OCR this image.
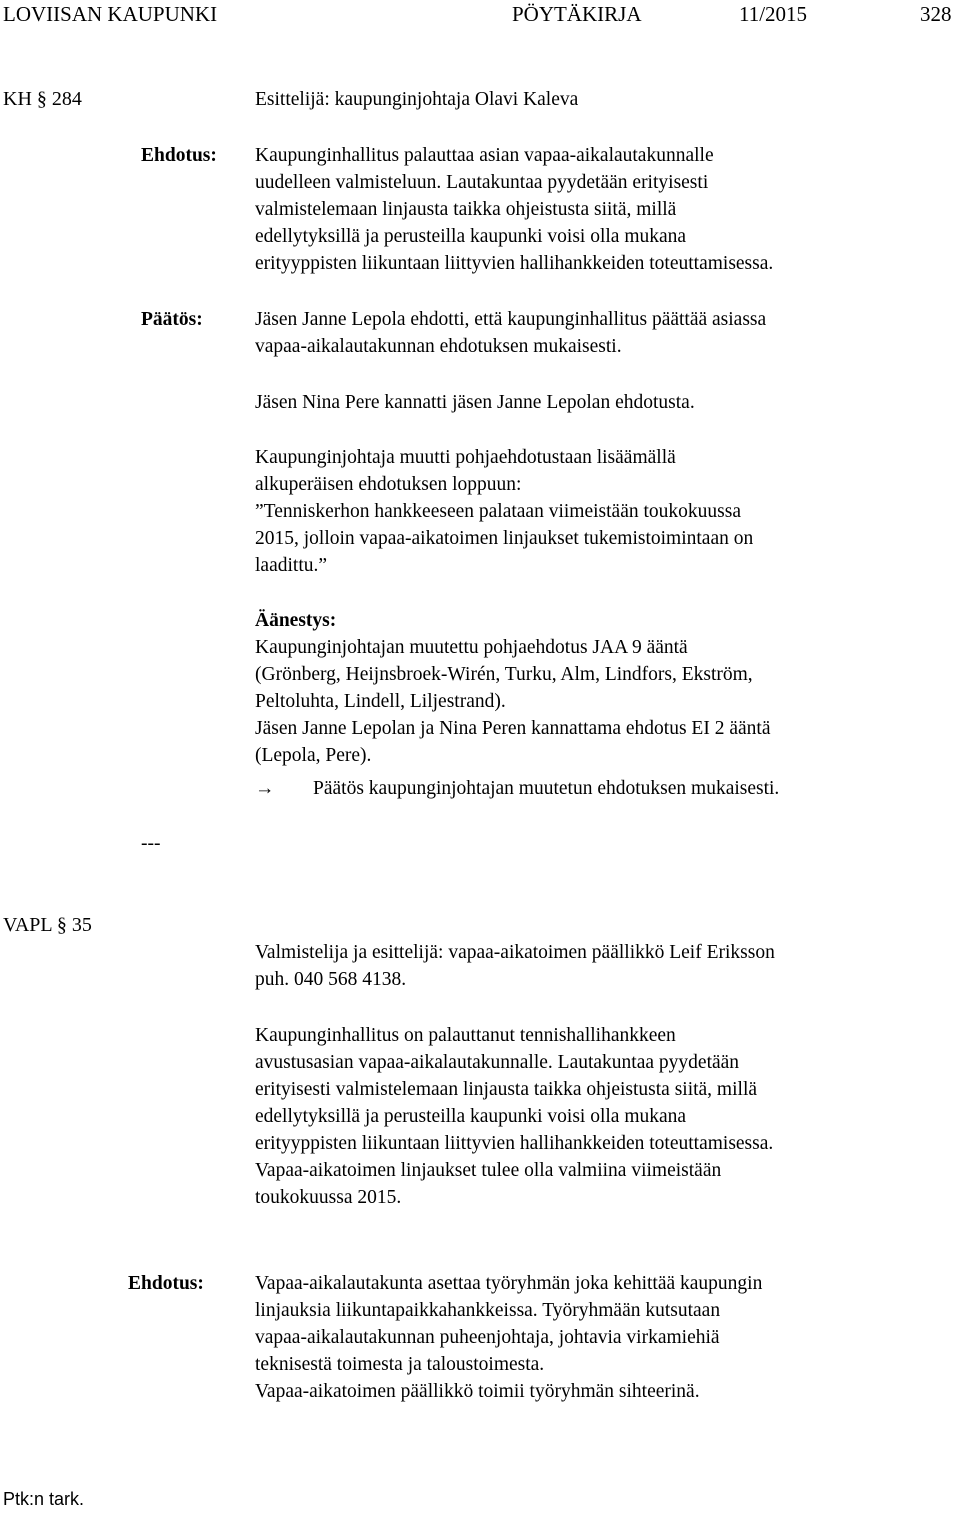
LOVIISAN KAUPUNKI	PÖYTÄKIRJA	11/2015	328
KH § 284	Esittelijä: kaupunginjohtaja Olavi Kaleva
Ehdotus: Kaupunginhallitus palauttaa asian vapaa-aikalautakunnalle
uudelleen valmisteluun. Lautakuntaa pyydetään erityisesti
valmistelemaan linjausta taikka ohjeistusta siitä, millä
edellytyksillä ja perusteilla kaupunki voisi olla mukana
erityyppisten liikuntaan liittyvien hallihankkeiden toteuttamisessa.
Päätös:	Jäsen Janne Lepola ehdotti, että kaupunginhallitus päättää asiassa
vapaa-aikalautakunnan ehdotuksen mukaisesti.
Jäsen Nina Pere kannatti jäsen Janne Lepolan ehdotusta.
Kaupunginjohtaja muutti pohjaehdotustaan lisäämällä
alkuperäisen ehdotuksen loppuun:
”Tenniskerhon hankkeeseen palataan viimeistään toukokuussa
2015, jolloin vapaa-aikatoimen linjaukset tukemistoimintaan on
laadittu.”
Äänestys:
Kaupunginjohtajan muutettu pohjaehdotus JAA 9 ääntä
(Grönberg, Heijnsbroek-Wirén, Turku, Alm, Lindfors, Ekström,
Peltoluhta, Lindell, Liljestrand).
Jäsen Janne Lepolan ja Nina Peren kannattama ehdotus EI 2 ääntä
(Lepola, Pere).
→ Päätös kaupunginjohtajan muutetun ehdotuksen mukaisesti.
---
VAPL § 35
Valmistelija ja esittelijä: vapaa-aikatoimen päällikkö Leif Eriksson
puh. 040 568 4138.
Kaupunginhallitus on palauttanut tennishallihankkeen
avustusasian vapaa-aikalautakunnalle. Lautakuntaa pyydetään
erityisesti valmistelemaan linjausta taikka ohjeistusta siitä, millä
edellytyksillä ja perusteilla kaupunki voisi olla mukana
erityyppisten liikuntaan liittyvien hallihankkeiden toteuttamisessa.
Vapaa-aikatoimen linjaukset tulee olla valmiina viimeistään
toukokuussa 2015.
Ehdotus:	Vapaa-aikalautakunta asettaa työryhmän joka kehittää kaupungin
linjauksia liikuntapaikkahankkeissa. Työryhmään kutsutaan
vapaa-aikalautakunnan puheenjohtaja, johtavia virkamiehiä
teknisestä toimesta ja taloustoimesta.
Vapaa-aikatoimen päällikkö toimii työryhmän sihteerinä.
Ptk:n tark.
